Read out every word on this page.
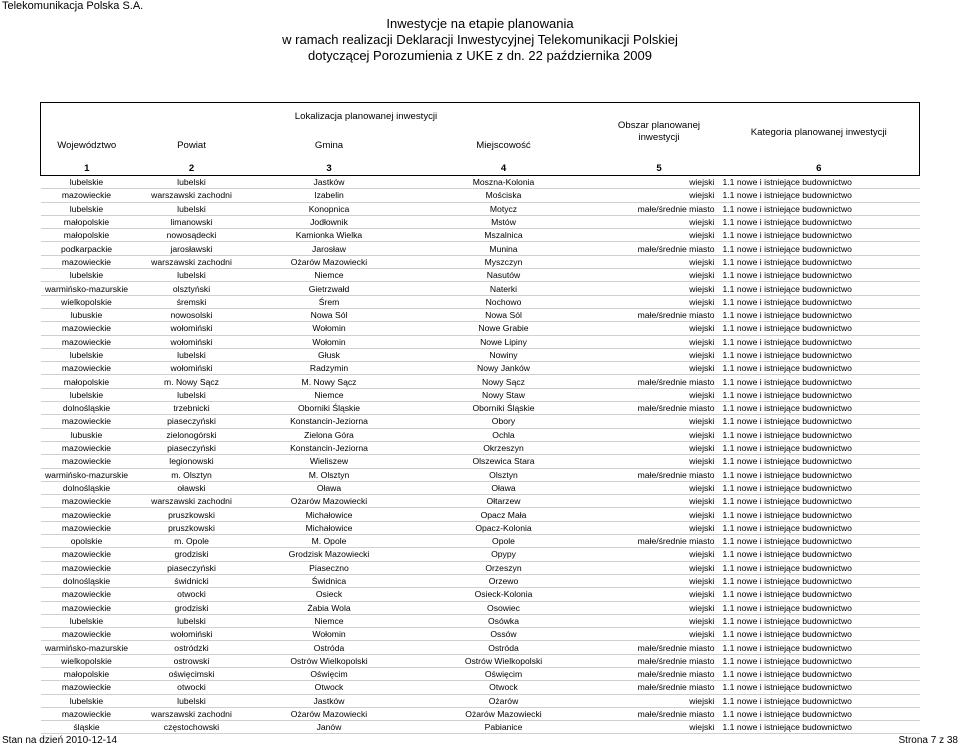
Telekomunikacja Polska S.A.
Inwestycje na etapie planowania
w ramach realizacji Deklaracji Inwestycyjnej Telekomunikacji Polskiej
dotyczącej Porozumienia z UKE z dn. 22 października 2009
	Lokalizacja planowanej inwestycji			Obszar planowanej inwestycji	Kategoria planowanej inwestycji
Województwo	Powiat	Gmina	Miejscowość		
1	2	3	4	5	6
lubelskie	lubelski	Jastków	Moszna-Kolonia	wiejski	1.1 nowe i istniejące budownictwo
mazowieckie	warszawski zachodni	Izabelin	Mościska	wiejski	1.1 nowe i istniejące budownictwo
lubelskie	lubelski	Konopnica	Motycz	małe/średnie miasto	1.1 nowe i istniejące budownictwo
małopolskie	limanowski	Jodłownik	Mstów	wiejski	1.1 nowe i istniejące budownictwo
małopolskie	nowosądecki	Kamionka Wielka	Mszalnica	wiejski	1.1 nowe i istniejące budownictwo
podkarpackie	jarosławski	Jarosław	Munina	małe/średnie miasto	1.1 nowe i istniejące budownictwo
mazowieckie	warszawski zachodni	Ożarów Mazowiecki	Myszczyn	wiejski	1.1 nowe i istniejące budownictwo
lubelskie	lubelski	Niemce	Nasutów	wiejski	1.1 nowe i istniejące budownictwo
warmińsko-mazurskie	olsztyński	Gietrzwałd	Naterki	wiejski	1.1 nowe i istniejące budownictwo
wielkopolskie	śremski	Śrem	Nochowo	wiejski	1.1 nowe i istniejące budownictwo
lubuskie	nowosolski	Nowa Sól	Nowa Sól	małe/średnie miasto	1.1 nowe i istniejące budownictwo
mazowieckie	wołomiński	Wołomin	Nowe Grabie	wiejski	1.1 nowe i istniejące budownictwo
mazowieckie	wołomiński	Wołomin	Nowe Lipiny	wiejski	1.1 nowe i istniejące budownictwo
lubelskie	lubelski	Głusk	Nowiny	wiejski	1.1 nowe i istniejące budownictwo
mazowieckie	wołomiński	Radzymin	Nowy Janków	wiejski	1.1 nowe i istniejące budownictwo
małopolskie	m. Nowy Sącz	M. Nowy Sącz	Nowy Sącz	małe/średnie miasto	1.1 nowe i istniejące budownictwo
lubelskie	lubelski	Niemce	Nowy Staw	wiejski	1.1 nowe i istniejące budownictwo
dolnośląskie	trzebnicki	Oborniki Śląskie	Oborniki Śląskie	małe/średnie miasto	1.1 nowe i istniejące budownictwo
mazowieckie	piaseczyński	Konstancin-Jeziorna	Obory	wiejski	1.1 nowe i istniejące budownictwo
lubuskie	zielonogórski	Zielona Góra	Ochla	wiejski	1.1 nowe i istniejące budownictwo
mazowieckie	piaseczyński	Konstancin-Jeziorna	Okrzeszyn	wiejski	1.1 nowe i istniejące budownictwo
mazowieckie	legionowski	Wieliszew	Olszewica Stara	wiejski	1.1 nowe i istniejące budownictwo
warmińsko-mazurskie	m. Olsztyn	M. Olsztyn	Olsztyn	małe/średnie miasto	1.1 nowe i istniejące budownictwo
dolnośląskie	oławski	Oława	Oława	wiejski	1.1 nowe i istniejące budownictwo
mazowieckie	warszawski zachodni	Ożarów Mazowiecki	Ołtarzew	wiejski	1.1 nowe i istniejące budownictwo
mazowieckie	pruszkowski	Michałowice	Opacz Mała	wiejski	1.1 nowe i istniejące budownictwo
mazowieckie	pruszkowski	Michałowice	Opacz-Kolonia	wiejski	1.1 nowe i istniejące budownictwo
opolskie	m. Opole	M. Opole	Opole	małe/średnie miasto	1.1 nowe i istniejące budownictwo
mazowieckie	grodziski	Grodzisk Mazowiecki	Opypy	wiejski	1.1 nowe i istniejące budownictwo
mazowieckie	piaseczyński	Piaseczno	Orzeszyn	wiejski	1.1 nowe i istniejące budownictwo
dolnośląskie	świdnicki	Świdnica	Orzewo	wiejski	1.1 nowe i istniejące budownictwo
mazowieckie	otwocki	Osieck	Osieck-Kolonia	wiejski	1.1 nowe i istniejące budownictwo
mazowieckie	grodziski	Żabia Wola	Osowiec	wiejski	1.1 nowe i istniejące budownictwo
lubelskie	lubelski	Niemce	Osówka	wiejski	1.1 nowe i istniejące budownictwo
mazowieckie	wołomiński	Wołomin	Ossów	wiejski	1.1 nowe i istniejące budownictwo
warmińsko-mazurskie	ostródzki	Ostróda	Ostróda	małe/średnie miasto	1.1 nowe i istniejące budownictwo
wielkopolskie	ostrowski	Ostrów Wielkopolski	Ostrów Wielkopolski	małe/średnie miasto	1.1 nowe i istniejące budownictwo
małopolskie	oświęcimski	Oświęcim	Oświęcim	małe/średnie miasto	1.1 nowe i istniejące budownictwo
mazowieckie	otwocki	Otwock	Otwock	małe/średnie miasto	1.1 nowe i istniejące budownictwo
lubelskie	lubelski	Jastków	Ożarów	wiejski	1.1 nowe i istniejące budownictwo
mazowieckie	warszawski zachodni	Ożarów Mazowiecki	Ożarów Mazowiecki	małe/średnie miasto	1.1 nowe i istniejące budownictwo
śląskie	częstochowski	Janów	Pabianice	wiejski	1.1 nowe i istniejące budownictwo
Stan na dzień 2010-12-14	Strona 7 z 38
